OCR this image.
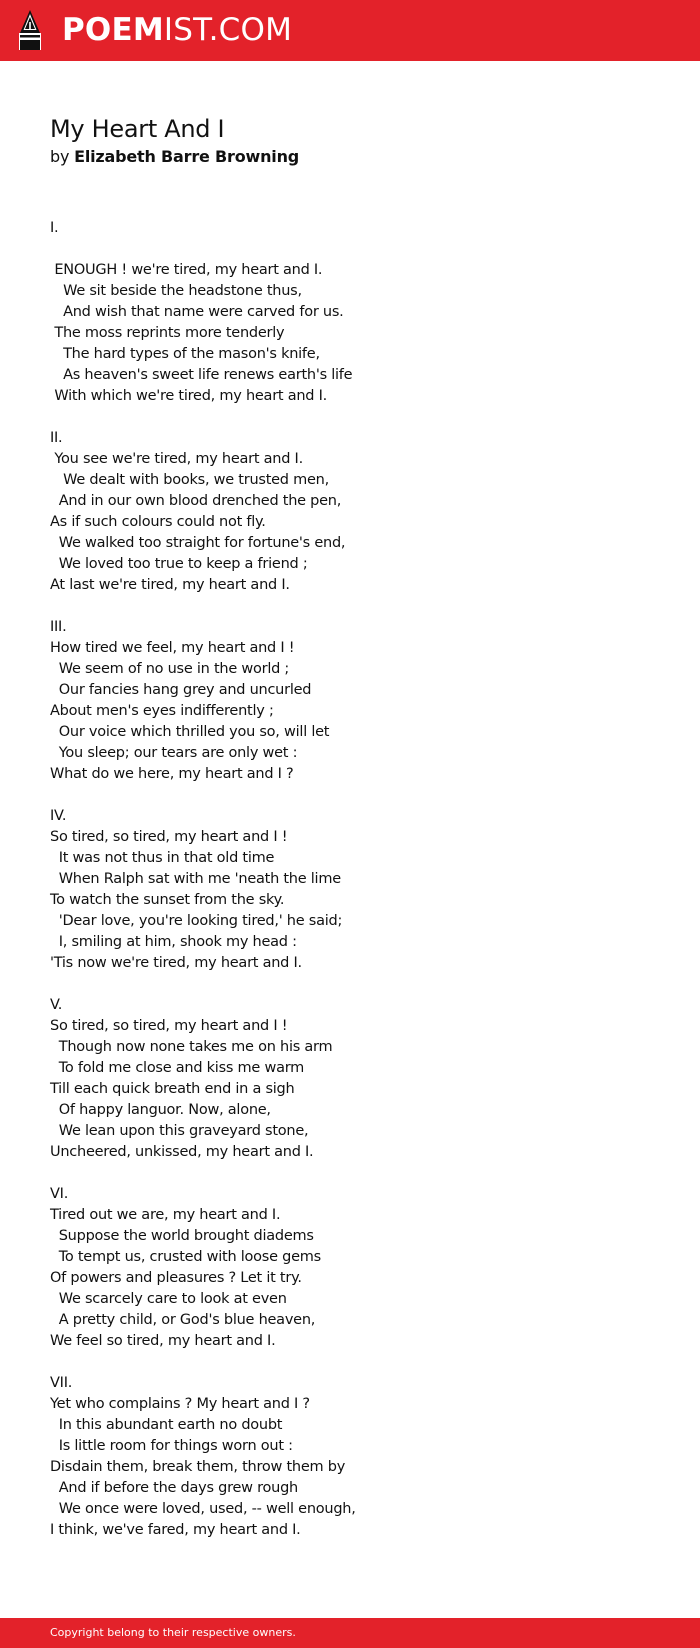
POEMIST.COM
My Heart And I
by Elizabeth Barre Browning
I.

ENOUGH ! we're tired, my heart and I.
We sit beside the headstone thus,
And wish that name were carved for us.
The moss reprints more tenderly
The hard types of the mason's knife,
As heaven's sweet life renews earth's life
With which we're tired, my heart and I.

II.
You see we're tired, my heart and I.
We dealt with books, we trusted men,
And in our own blood drenched the pen,
As if such colours could not fly.
We walked too straight for fortune's end,
We loved too true to keep a friend ;
At last we're tired, my heart and I.

III.
How tired we feel, my heart and I !
We seem of no use in the world ;
Our fancies hang grey and uncurled
About men's eyes indifferently ;
Our voice which thrilled you so, will let
You sleep; our tears are only wet :
What do we here, my heart and I ?

IV.
So tired, so tired, my heart and I !
It was not thus in that old time
When Ralph sat with me 'neath the lime
To watch the sunset from the sky.
'Dear love, you're looking tired,' he said;
I, smiling at him, shook my head :
'Tis now we're tired, my heart and I.

V.
So tired, so tired, my heart and I !
Though now none takes me on his arm
To fold me close and kiss me warm
Till each quick breath end in a sigh
Of happy languor. Now, alone,
We lean upon this graveyard stone,
Uncheered, unkissed, my heart and I.

VI.
Tired out we are, my heart and I.
Suppose the world brought diadems
To tempt us, crusted with loose gems
Of powers and pleasures ? Let it try.
We scarcely care to look at even
A pretty child, or God's blue heaven,
We feel so tired, my heart and I.

VII.
Yet who complains ? My heart and I ?
In this abundant earth no doubt
Is little room for things worn out :
Disdain them, break them, throw them by
And if before the days grew rough
We once were loved, used, -- well enough,
I think, we've fared, my heart and I.
Copyright belong to their respective owners.
